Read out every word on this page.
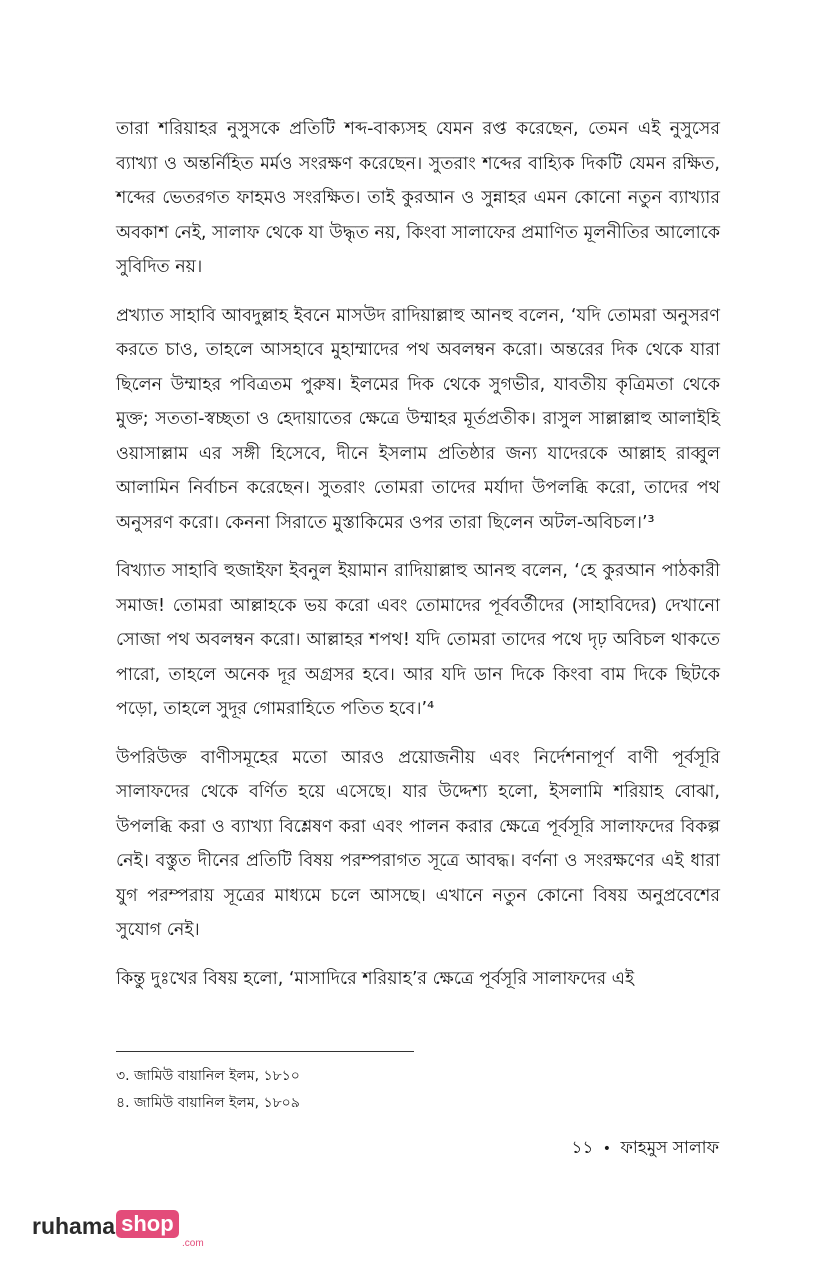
তারা শরিয়াহর নুসুসকে প্রতিটি শব্দ-বাক্যসহ যেমন রপ্ত করেছেন, তেমন এই নুসুসের ব্যাখ্যা ও অন্তর্নিহিত মর্মও সংরক্ষণ করেছেন। সুতরাং শব্দের বাহ্যিক দিকটি যেমন রক্ষিত, শব্দের ভেতরগত ফাহমও সংরক্ষিত। তাই কুরআন ও সুন্নাহর এমন কোনো নতুন ব্যাখ্যার অবকাশ নেই, সালাফ থেকে যা উদ্ধৃত নয়, কিংবা সালাফের প্রমাণিত মূলনীতির আলোকে সুবিদিত নয়।

প্রখ্যাত সাহাবি আবদুল্লাহ ইবনে মাসউদ রাদিয়াল্লাহু আনহু বলেন, ‘যদি তোমরা অনুসরণ করতে চাও, তাহলে আসহাবে মুহাম্মাদের পথ অবলম্বন করো। অন্তরের দিক থেকে যারা ছিলেন উম্মাহর পবিত্রতম পুরুষ। ইলমের দিক থেকে সুগভীর, যাবতীয় কৃত্রিমতা থেকে মুক্ত; সততা-স্বচ্ছতা ও হেদায়াতের ক্ষেত্রে উম্মাহর মূর্তপ্রতীক। রাসুল সাল্লাল্লাহু আলাইহি ওয়াসাল্লাম এর সঙ্গী হিসেবে, দীনে ইসলাম প্রতিষ্ঠার জন্য যাদেরকে আল্লাহ রাব্বুল আলামিন নির্বাচন করেছেন। সুতরাং তোমরা তাদের মর্যাদা উপলব্ধি করো, তাদের পথ অনুসরণ করো। কেননা সিরাতে মুস্তাকিমের ওপর তারা ছিলেন অটল-অবিচল।’³

বিখ্যাত সাহাবি হুজাইফা ইবনুল ইয়ামান রাদিয়াল্লাহু আনহু বলেন, ‘হে কুরআন পাঠকারী সমাজ! তোমরা আল্লাহকে ভয় করো এবং তোমাদের পূর্ববর্তীদের (সাহাবিদের) দেখানো সোজা পথ অবলম্বন করো। আল্লাহর শপথ! যদি তোমরা তাদের পথে দৃঢ় অবিচল থাকতে পারো, তাহলে অনেক দূর অগ্রসর হবে। আর যদি ডান দিকে কিংবা বাম দিকে ছিটকে পড়ো, তাহলে সুদূর গোমরাহিতে পতিত হবে।’⁴

উপরিউক্ত বাণীসমূহের মতো আরও প্রয়োজনীয় এবং নির্দেশনাপূর্ণ বাণী পূর্বসূরি সালাফদের থেকে বর্ণিত হয়ে এসেছে। যার উদ্দেশ্য হলো, ইসলামি শরিয়াহ বোঝা, উপলব্ধি করা ও ব্যাখ্যা বিশ্লেষণ করা এবং পালন করার ক্ষেত্রে পূর্বসূরি সালাফদের বিকল্প নেই। বস্তুত দীনের প্রতিটি বিষয় পরম্পরাগত সূত্রে আবদ্ধ। বর্ণনা ও সংরক্ষণের এই ধারা যুগ পরম্পরায় সূত্রের মাধ্যমে চলে আসছে। এখানে নতুন কোনো বিষয় অনুপ্রবেশের সুযোগ নেই।

কিন্তু দুঃখের বিষয় হলো, ‘মাসাদিরে শরিয়াহ’র ক্ষেত্রে পূর্বসূরি সালাফদের এই

৩. জামিউ বায়ানিল ইলম, ১৮১০
৪. জামিউ বায়ানিল ইলম, ১৮০৯
১১ • ফাহমুস সালাফ
ruhama shop
.com
